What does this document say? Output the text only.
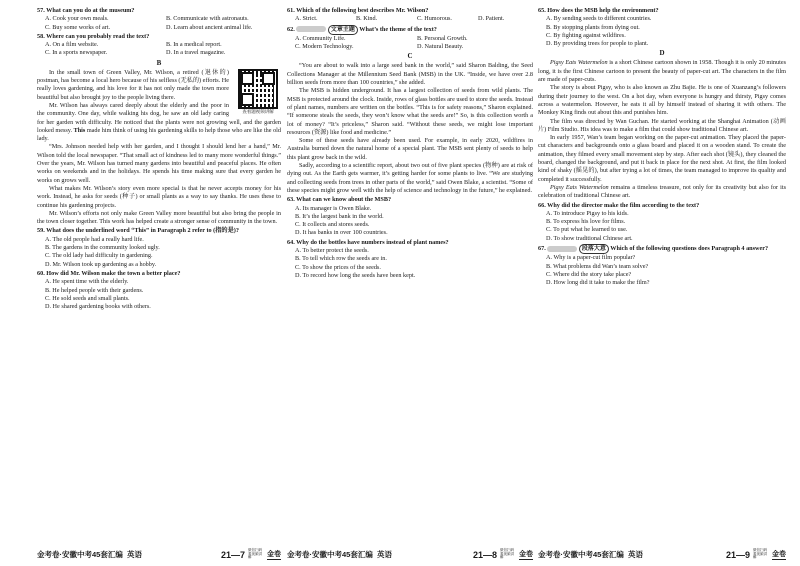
57. What can you do at the museum?
A. Cook your own meals.	B. Communicate with astronauts.
C. Buy some works of art.	D. Learn about ancient animal life.
58. Where can you probably read the text?
A. On a film website.	B. In a medical report.
C. In a sports newspaper.	D. In a travel magazine.
B
查看题视频讲解

In the small town of Green Valley, Mr. Wilson, a retired (退休的) postman, has become a local hero because of his selfless (无私的) efforts. He really loves gardening, and his love for it has not only made the town more beautiful but also brought joy to the people living there.

Mr. Wilson has always cared deeply about the elderly and the poor in the community. One day, while walking his dog, he saw an old lady caring for her garden with difficulty. He noticed that the plants were not growing well, and the garden looked messy. This made him think of using his gardening skills to help those who are like the old lady.

“Mrs. Johnson needed help with her garden, and I thought I should lend her a hand,” Mr. Wilson told the local newspaper. “That small act of kindness led to many more wonderful things.” Over the years, Mr. Wilson has turned many gardens into beautiful and peaceful places. He often works on weekends and in the holidays. He spends his time making sure that every garden he works on grows well.

What makes Mr. Wilson’s story even more special is that he never accepts money for his work. Instead, he asks for seeds (种子) or small plants as a way to say thanks. He uses these to continue his gardening projects.

Mr. Wilson’s efforts not only make Green Valley more beautiful but also bring the people in the town closer together. This work has helped create a stronger sense of community in the town.

59. What does the underlined word “This” in Paragraph 2 refer to (指的是)?
A. The old people had a really hard life.
B. The gardens in the community looked ugly.
C. The old lady had difficulty in gardening.
D. Mr. Wilson took up gardening as a hobby.
60. How did Mr. Wilson make the town a better place?
A. He spent time with the elderly.
B. He helped people with their gardens.
C. He sold seeds and small plants.
D. He shared gardening books with others.
61. Which of the following best describes Mr. Wilson?
A. Strict.	B. Kind.	C. Humorous.	D. Patient.
62.	文章主题 What’s the theme of the text?
A. Community Life.	B. Personal Growth.
C. Modern Technology.	D. Natural Beauty.
C

“You are about to walk into a large seed bank in the world,” said Sharon Balding, the Seed Collections Manager at the Millennium Seed Bank (MSB) in the UK. “Inside, we have over 2.8 billion seeds from more than 100 countries,” she added.

The MSB is hidden underground. It has a largest collection of seeds from wild plants. The MSB is protected around the clock. Inside, rows of glass bottles are used to store the seeds. Instead of plant names, numbers are written on the bottles. “This is for safety reasons,” Sharon explained. “If someone steals the seeds, they won’t know what the seeds are!” So, is this collection worth a lot of money? “It’s priceless,” Sharon said. “Without these seeds, we might lose important resources (资源) like food and medicine.”

Some of these seeds have already been used. For example, in early 2020, wildfires in Australia burned down the natural home of a special plant. The MSB sent plenty of seeds to help this plant grow back in the wild.

Sadly, according to a scientific report, about two out of five plant species (物种) are at risk of dying out. As the Earth gets warmer, it’s getting harder for some plants to live. “We are studying and collecting seeds from trees in other parts of the world,” said Owen Blake, a scientist. “Some of these species might grow well with the help of science and technology in the future,” he explained.

63. What can we know about the MSB?
A. Its manager is Owen Blake.
B. It’s the largest bank in the world.
C. It collects and stores seeds.
D. It has banks in over 100 countries.
64. Why do the bottles have numbers instead of plant names?
A. To better protect the seeds.
B. To tell which row the seeds are in.
C. To show the prices of the seeds.
D. To record how long the seeds have been kept.
65. How does the MSB help the environment?
A. By sending seeds to different countries.
B. By stopping plants from dying out.
C. By fighting against wildfires.
D. By providing trees for people to plant.
D

Pigsy Eats Watermelon is a short Chinese cartoon shown in 1958. Though it is only 20 minutes long, it is the first Chinese cartoon to present the beauty of paper-cut art. The characters in the film are made of paper-cuts.

The story is about Pigsy, who is also known as Zhu Bajie. He is one of Xuanzang’s followers during their journey to the west. On a hot day, when everyone is hungry and thirsty, Pigsy comes across a watermelon. However, he eats it all by himself instead of sharing it with others. The Monkey King finds out about this and punishes him.

The film was directed by Wan Guchan. He started working at the Shanghai Animation (动画片) Film Studio. His idea was to make a film that could show traditional Chinese art.

In early 1957, Wan’s team began working on the paper-cut animation. They placed the paper-cut characters and backgrounds onto a glass board and placed it on a wooden stand. To create the animation, they filmed every small movement step by step. After each shot (镜头), they cleaned the board, changed the background, and put it back in place for the next shot. At first, the film looked kind of shaky (摇晃的), but after trying a lot of times, the team managed to improve its quality and completed it successfully.

Pigsy Eats Watermelon remains a timeless treasure, not only for its creativity but also for its celebration of traditional Chinese art.

66. Why did the director make the film according to the text?
A. To introduce Pigsy to his kids.
B. To express his love for films.
C. To put what he learned to use.
D. To show traditional Chinese art.
67.	段落大意 Which of the following questions does Paragraph 4 answer?
A. Why is a paper-cut film popular?
B. What problems did Wan’s team solve?
C. Where did the story take place?
D. How long did it take to make the film?
金考卷·安徽中考45套汇编 英语	21—7 微信扫码 看视频讲解	金卷 金考卷·安徽中考45套汇编 英语	21—8 微信扫码 看视频讲解	金卷 金考卷·安徽中考45套汇编 英语	21—9 微信扫码 看视频讲解	金卷
